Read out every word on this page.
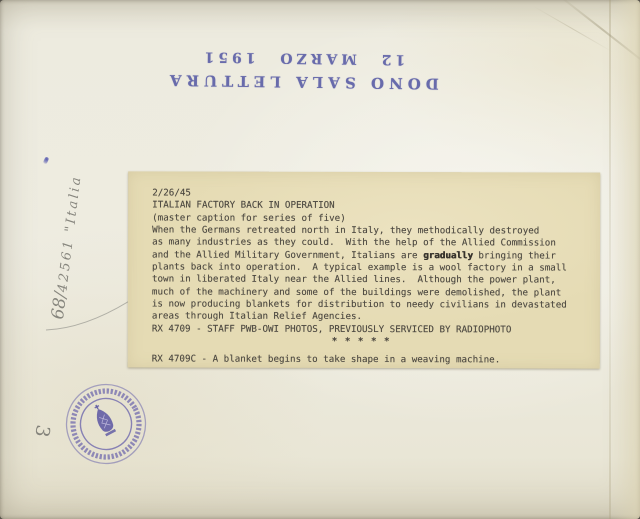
DONO SALA LETTURA
12 MARZO 1951
68/42561 "Italia	2/26/45
ITALIAN FACTORY BACK IN OPERATION
(master caption for series of five)
When the Germans retreated north in Italy, they methodically destroyed
as many industries as they could.  With the help of the Allied Commission
and the Allied Military Government, Italians are gradually bringing their
plants back into operation.  A typical example is a wool factory in a small
town in liberated Italy near the Allied lines.  Although the power plant,
much of the machinery and some of the buildings were demolished, the plant
is now producing blankets for distribution to needy civilians in devastated
areas through Italian Relief Agencies.
RX 4709 - STAFF PWB-OWI PHOTOS, PREVIOUSLY SERVICED BY RADIOPHOTO
* * * * *
RX 4709C - A blanket begins to take shape in a weaving machine.
3
